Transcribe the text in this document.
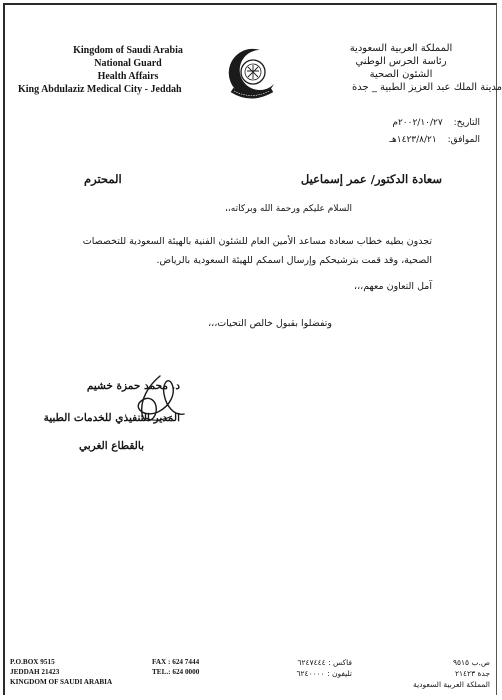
Kingdom of Saudi Arabia
National Guard
Health Affairs
King Abdulaziz Medical City - Jeddah
المملكة العربية السعودية
رئاسة الحرس الوطني
الشئون الصحية
مدينة الملك عبد العزيز الطبية _ جدة
التاريخ: ٢٠٠٢/١٠/٢٧م
الموافق: ١٤٢٣/٨/٢١هـ
سعادة الدكتور/ عمر إسماعيل
المحترم
السلام عليكم ورحمة الله وبركاته،،
تجدون بطيه خطاب سعادة مساعد الأمين العام للشئون الفنية بالهيئة السعودية للتخصصات
الصحية، وقد قمت بترشيحكم وإرسال اسمكم للهيئة السعودية بالرياض.
آمل التعاون معهم،،،
وتفضلوا بقبول خالص التحيات،،،
د. محمد حمزة خشيم
المدير التنفيذي للخدمات الطبية
بالقطاع الغربي
P.O.BOX 9515
JEDDAH 21423
KINGDOM OF SAUDI ARABIA
FAX : 624 7444
TEL.: 624 0000
فاكس : ٦٢٤٧٤٤٤
تليفون : ٦٢٤٠٠٠٠
ص.ب ٩٥١٥
جدة ٢١٤٢٣
المملكة العربية السعودية
